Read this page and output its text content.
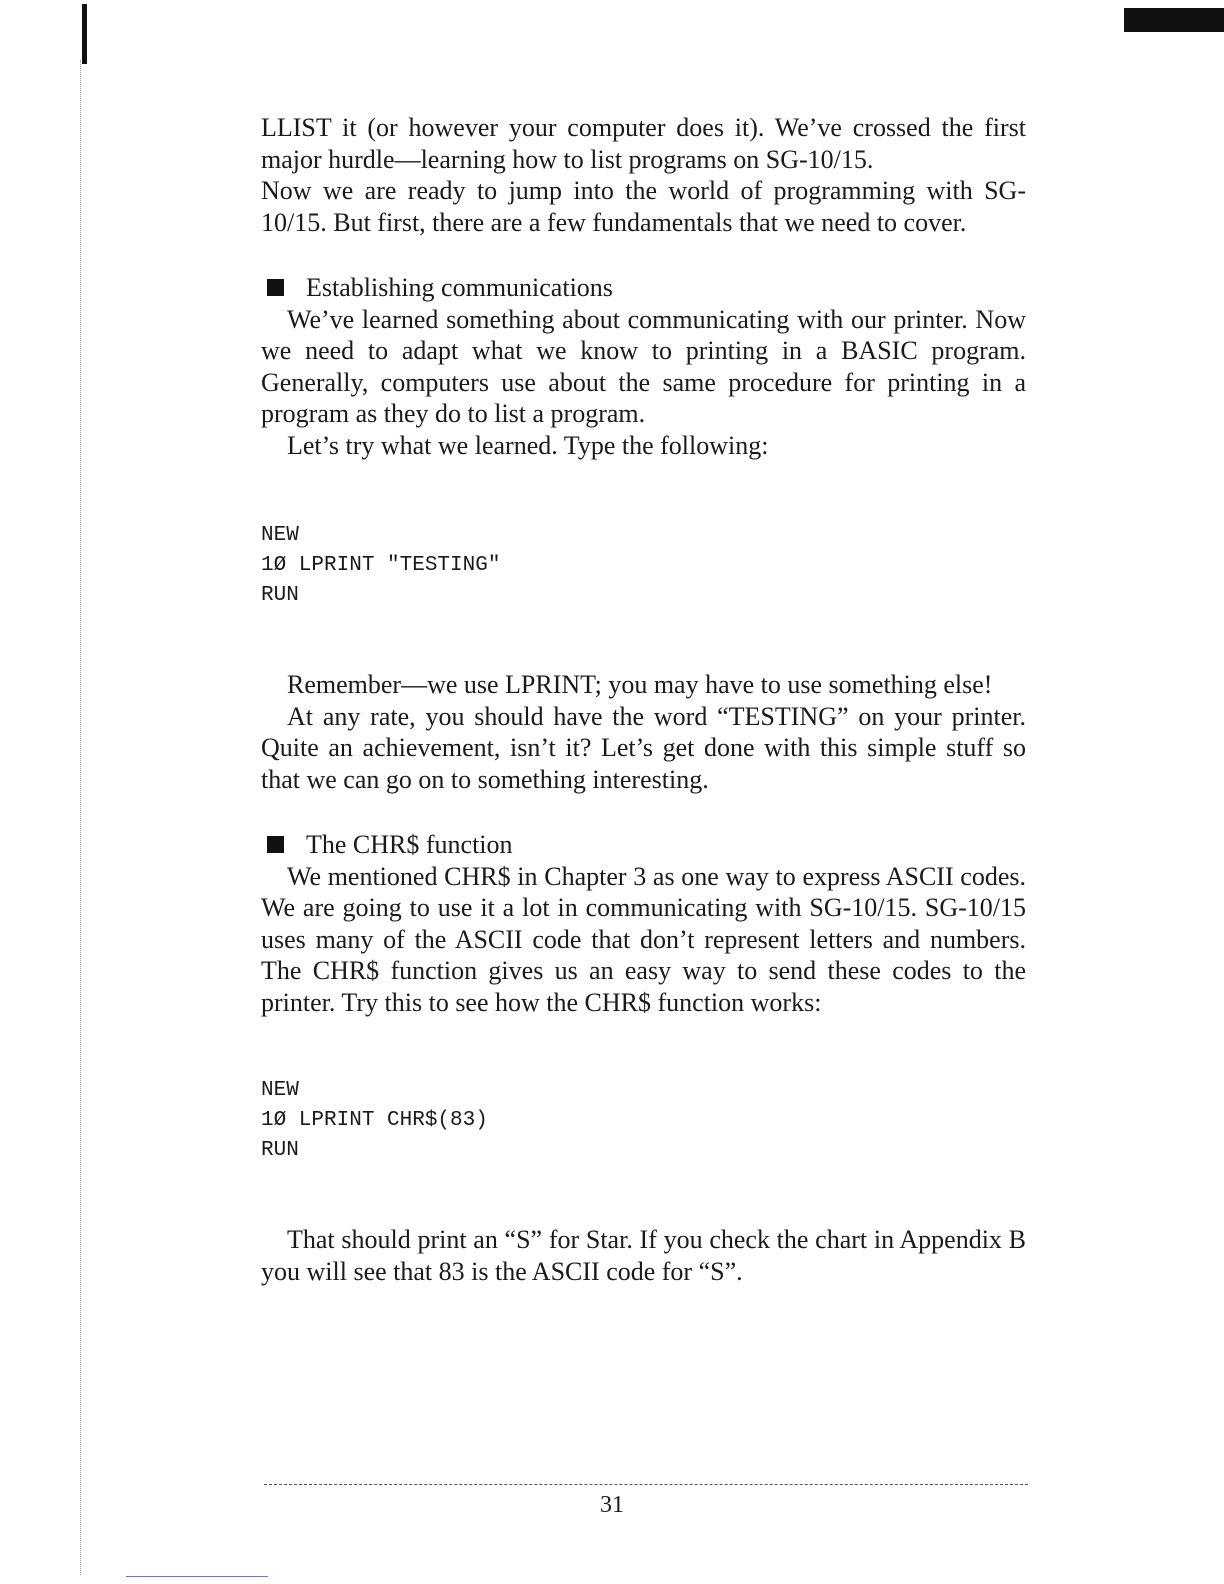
LLIST it (or however your computer does it). We’ve crossed the first major hurdle—learning how to list programs on SG-10/15.

Now we are ready to jump into the world of programming with SG-10/15. But first, there are a few fundamentals that we need to cover.

Establishing communications

We’ve learned something about communicating with our printer. Now we need to adapt what we know to printing in a BASIC program. Generally, computers use about the same procedure for printing in a program as they do to list a program.

Let’s try what we learned. Type the following:

NEW

1Ø LPRINT "TESTING"

RUN

Remember—we use LPRINT; you may have to use something else!

At any rate, you should have the word “TESTING” on your printer. Quite an achievement, isn’t it? Let’s get done with this simple stuff so that we can go on to something interesting.

The CHR$ function

We mentioned CHR$ in Chapter 3 as one way to express ASCII codes. We are going to use it a lot in communicating with SG-10/15. SG-10/15 uses many of the ASCII code that don’t represent letters and numbers. The CHR$ function gives us an easy way to send these codes to the printer. Try this to see how the CHR$ function works:

NEW

1Ø LPRINT CHR$(83)

RUN

That should print an “S” for Star. If you check the chart in Appendix B you will see that 83 is the ASCII code for “S”.

31
